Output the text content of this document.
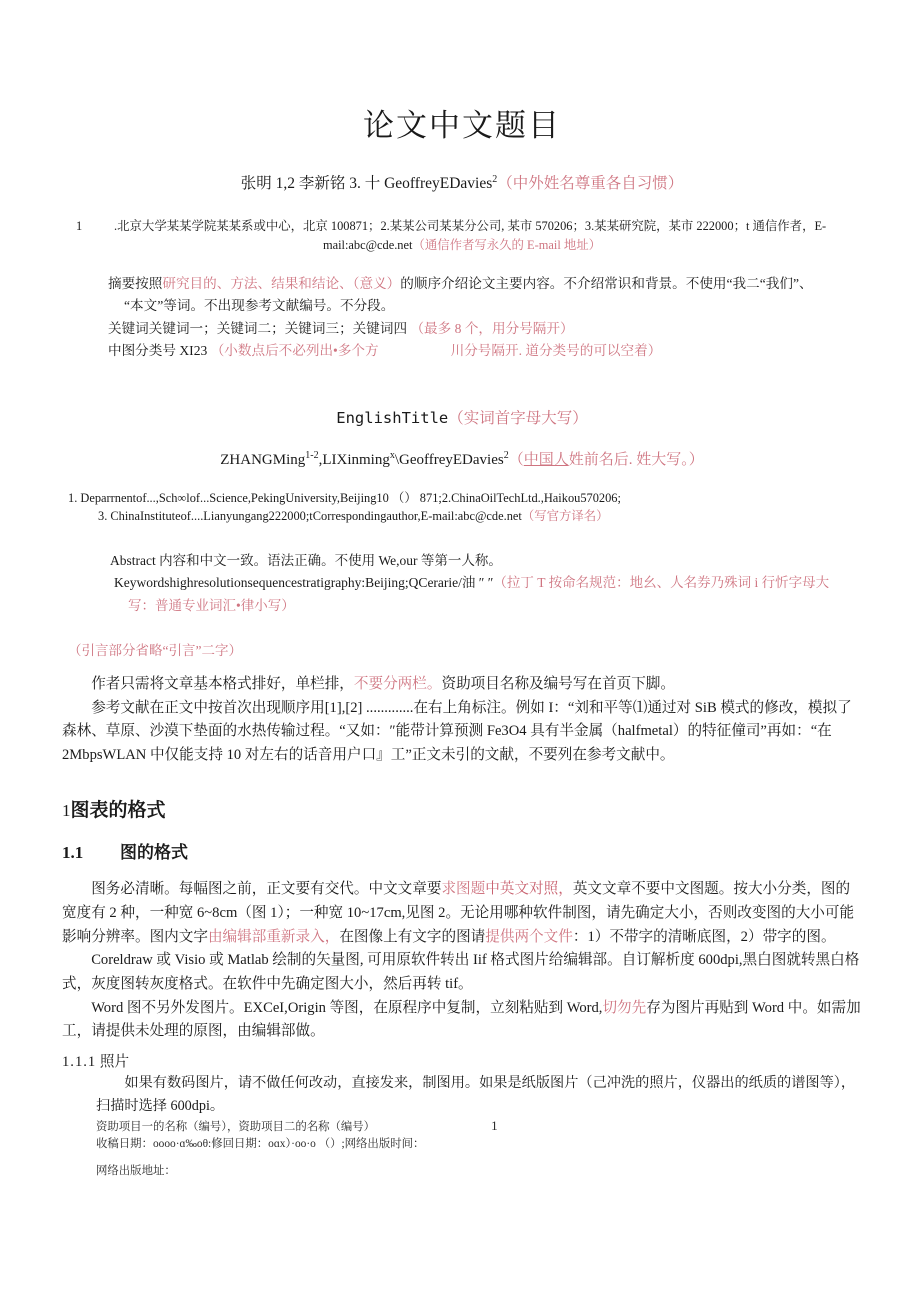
论文中文题目
张明 1,2 李新铭 3. 十 GeoffreyEDavies$^2$（中外姓名尊重各自习惯）
1	.北京大学某某学院某某系或中心，北京 100871；2.某某公司某某分公司, 某市 570206；3.某某研究院，某市 222000；t 通信作者，E-mail:abc@cde.net（通信作者写永久的 E-mail 地址）

摘要按照研究目的、方法、结果和结论、（意义）的顺序介绍论文主要内容。不介绍常识和背景。不使用“我二“我们”、
“本文”等词。不出现参考文献编号。不分段。

关键词关键词一；关键词二；关键词三；关键词四 （最多 8 个，用分号隔开）

中图分类号 XI23 （小数点后不必列出•多个方	川分号隔开. 道分类号的可以空着）

EnglishTitle（实词首字母大写）
ZHANGMing$^{1-2}$,LIXinming$^x$\GeoffreyEDavies$^2$（中国人姓前名后. 姓大写。）
1. Deparrnentof...,Sch∞lof...Science,PekingUniversity,Beijing10 （） 871;2.ChinaOilTechLtd.,Haikou570206;
3. ChinaInstituteof....Lianyungang222000;tCorrespondingauthor,E-mail:abc@cde.net（写官方译名）

Abstract 内容和中文一致。语法正确。不使用 We,our 等第一人称。

Keywordshighresolutionsequencestratigraphy:Beijing;QCerarie/油 ″ ″（拉丁 T 按命名规范：地幺、人名券乃殊词 i 行忻字母大
写：普通专业词汇•律小写）

（引言部分省略“引言”二字）

作者只需将文章基本格式排好，单栏排，不要分两栏。资助项目名称及编号写在首页下脚。

参考文献在正文中按首次出现顺序用[1],[2] .............在右上角标注。例如 I：“刘和平等⑴通过对 SiB 模式的修改，模拟了森林、草原、沙漠下垫面的水热传输过程。“又如：″能带计算预测 Fe3O4 具有半金属（halfmetal）的特征僮司”再如：“在 2MbpsWLAN 中仅能支持 10 对左右的话音用户口』工”正文未引的文献，不要列在参考文献中。

1图表的格式
1.1 图的格式

图务必清晰。每幅图之前，正文要有交代。中文文章要求图题中英文对照，英文文章不要中文图题。按大小分类，图的宽度有 2 种，一种宽 6~8cm（图 1）；一种宽 10~17cm,见图 2。无论用哪种软件制图，请先确定大小，否则改变图的大小可能影响分辨率。图内文字由编辑部重新录入，在图像上有文字的图请提供两个文件：1）不带字的清晰底图，2）带字的图。

Coreldraw 或 Visio 或 Matlab 绘制的矢量图, 可用原软件转出 Iif 格式图片给编辑部。自订解析度 600dpi,黑白图就转黑白格式，灰度图转灰度格式。在软件中先确定图大小，然后再转 tif。

Word 图不另外发图片。EXCeI,Origin 等图，在原程序中复制，立刻粘贴到 Word,切勿先存为图片再贴到 Word 中。如需加工，请提供未处理的原图，由编辑部做。

1.1.1 照片

如果有数码图片，请不做任何改动，直接发来，制图用。如果是纸版图片（己冲洗的照片，仪器出的纸质的谱图等），扫描时选择 600dpi。

资助项目一的名称（编号），资助项目二的名称（编号）	1
收稿日期：oooo·ɑ‰oθ:修回日期：oɑx）·oo·o （）;网络出版时间：
网络出版地址：
